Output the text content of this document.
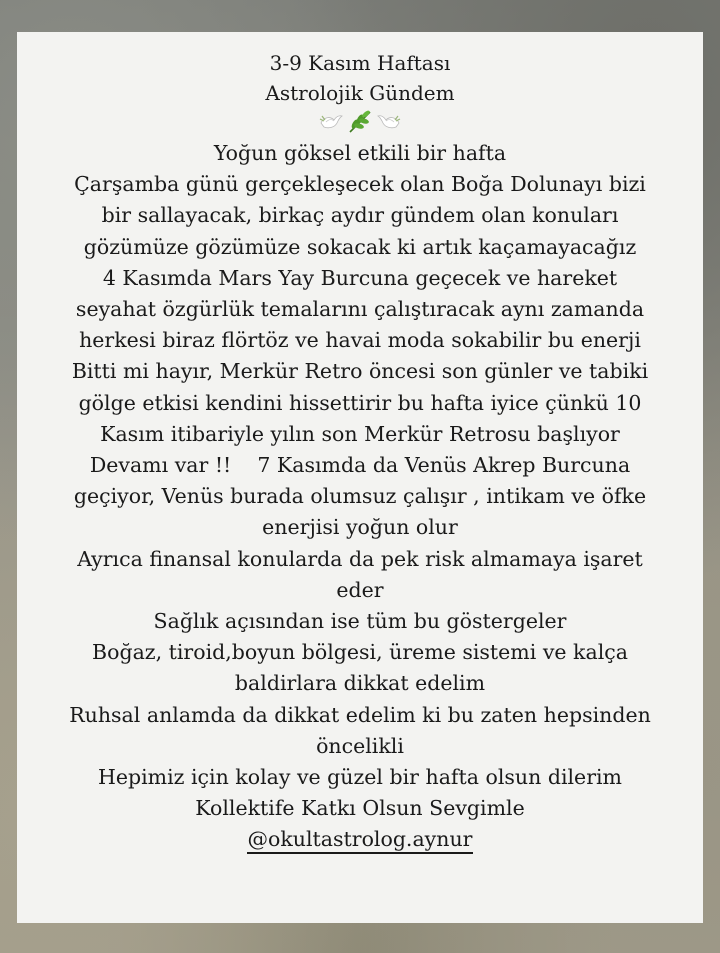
3-9 Kasım Haftası
Astrolojik Gündem
Yoğun göksel etkili bir hafta
Çarşamba günü gerçekleşecek olan Boğa Dolunayı bizi
bir sallayacak, birkaç aydır gündem olan konuları
gözümüze gözümüze sokacak ki artık kaçamayacağız
4 Kasımda Mars Yay Burcuna geçecek ve hareket
seyahat özgürlük temalarını çalıştıracak aynı zamanda
herkesi biraz flörtöz ve havai moda sokabilir bu enerji
Bitti mi hayır, Merkür Retro öncesi son günler ve tabiki
gölge etkisi kendini hissettirir bu hafta iyice çünkü 10
Kasım itibariyle yılın son Merkür Retrosu başlıyor
Devamı var !!    7 Kasımda da Venüs Akrep Burcuna
geçiyor, Venüs burada olumsuz çalışır , intikam ve öfke
enerjisi yoğun olur
Ayrıca finansal konularda da pek risk almamaya işaret
eder
Sağlık açısından ise tüm bu göstergeler
Boğaz, tiroid,boyun bölgesi, üreme sistemi ve kalça
baldirlara dikkat edelim
Ruhsal anlamda da dikkat edelim ki bu zaten hepsinden
öncelikli
Hepimiz için kolay ve güzel bir hafta olsun dilerim
Kollektife Katkı Olsun Sevgimle
@okultastrolog.aynur
